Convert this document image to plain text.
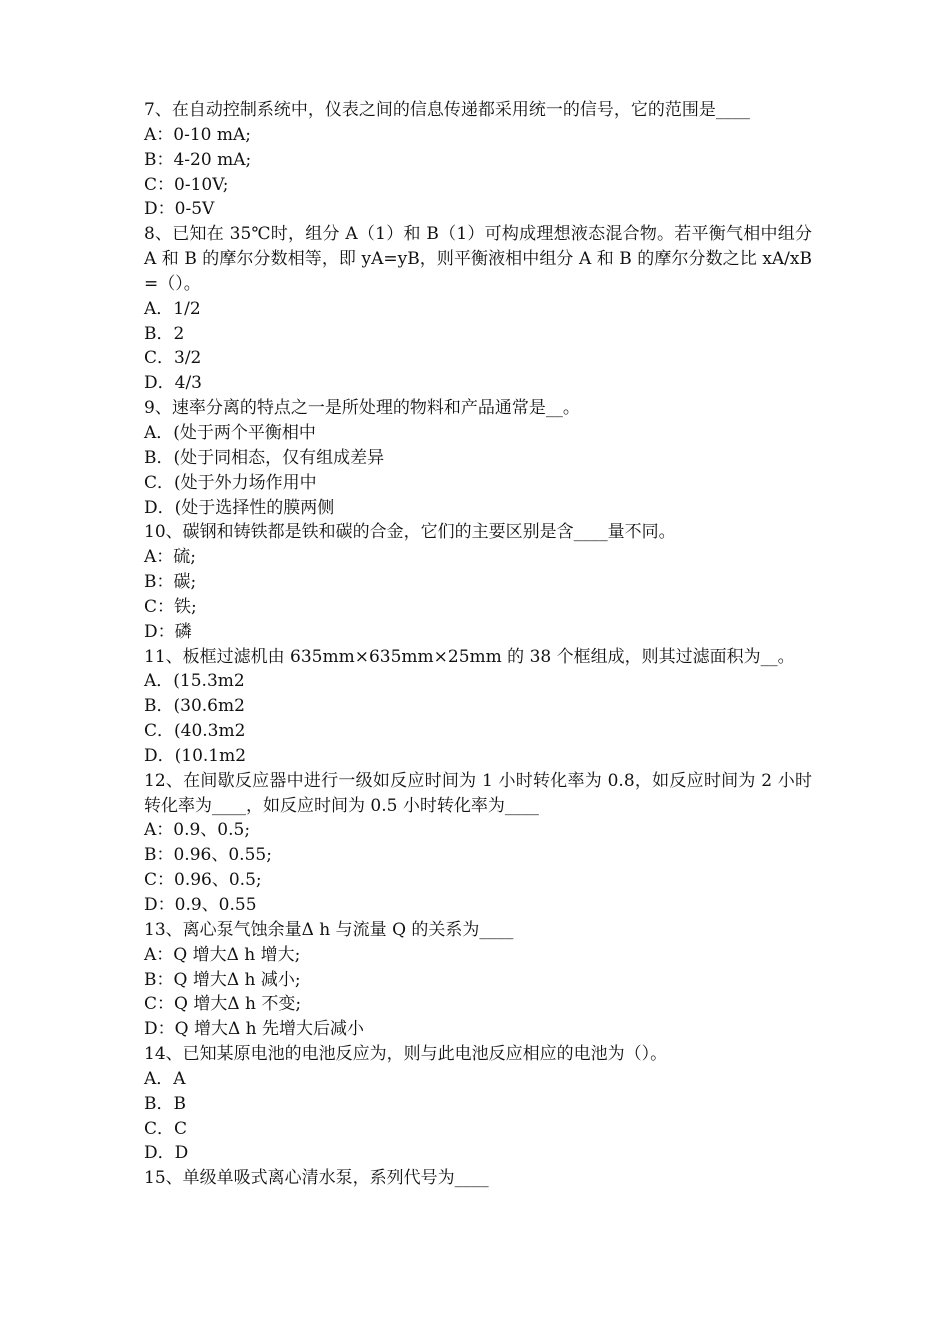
7、在自动控制系统中，仪表之间的信息传递都采用统一的信号，它的范围是____

A：0-10 mA;

B：4-20 mA;

C：0-10V;

D：0-5V

8、已知在 35℃时，组分 A（1）和 B（1）可构成理想液态混合物。若平衡气相中组分 A 和 B 的摩尔分数相等，即 yA=yB，则平衡液相中组分 A 和 B 的摩尔分数之比 xA/xB=（）。

A．1/2

B．2

C．3/2

D．4/3

9、速率分离的特点之一是所处理的物料和产品通常是__。

A．(处于两个平衡相中

B．(处于同相态，仅有组成差异

C．(处于外力场作用中

D．(处于选择性的膜两侧

10、碳钢和铸铁都是铁和碳的合金，它们的主要区别是含____量不同。

A：硫;

B：碳;

C：铁;

D：磷

11、板框过滤机由 635mm×635mm×25mm 的 38 个框组成，则其过滤面积为__。

A．(15.3m2

B．(30.6m2

C．(40.3m2

D．(10.1m2

12、在间歇反应器中进行一级如反应时间为 1 小时转化率为 0.8，如反应时间为 2 小时转化率为____，如反应时间为 0.5 小时转化率为____

A：0.9、0.5;

B：0.96、0.55;

C：0.96、0.5;

D：0.9、0.55

13、离心泵气蚀余量Δ h 与流量 Q 的关系为____

A：Q 增大Δ h 增大;

B：Q 增大Δ h 减小;

C：Q 增大Δ h 不变;

D：Q 增大Δ h 先增大后减小

14、已知某原电池的电池反应为，则与此电池反应相应的电池为（）。

A．A

B．B

C．C

D．D

15、单级单吸式离心清水泵，系列代号为____
